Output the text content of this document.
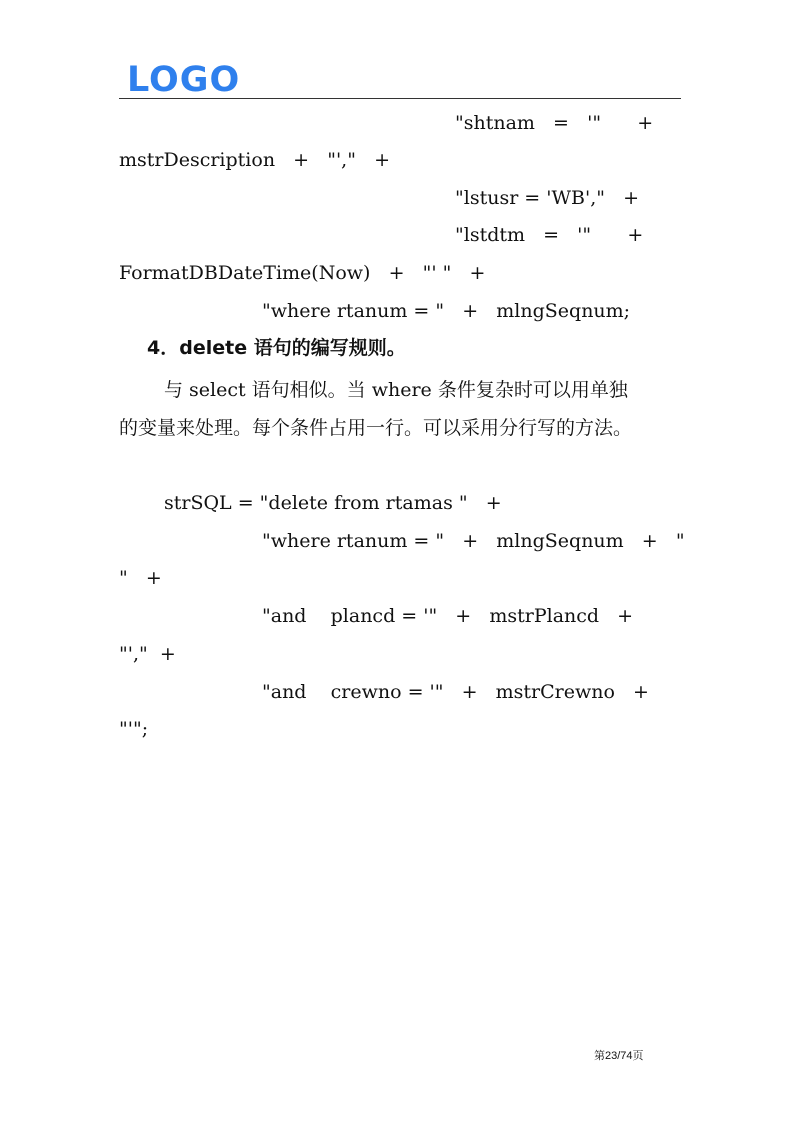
LOGO
"shtnam   =   '"      +
mstrDescription   +   "',"   +
"lstusr = 'WB',"   +
"lstdtm   =   '"      +
FormatDBDateTime(Now)   +   "' "   +
"where rtanum = "   +   mlngSeqnum;
4．delete 语句的编写规则。
与 select 语句相似。当 where 条件复杂时可以用单独
的变量来处理。每个条件占用一行。可以采用分行写的方法。
strSQL = "delete from rtamas "   +
"where rtanum = "   +   mlngSeqnum   +   "
"   +
"and    plancd = '"   +   mstrPlancd   +
"',"  +
"and    crewno = '"   +   mstrCrewno   +
"'";
第23/74页
